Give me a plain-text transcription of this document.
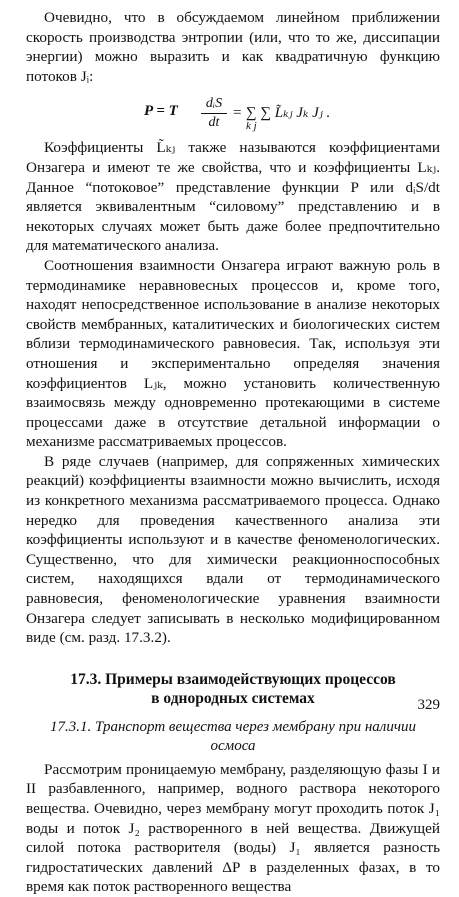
Очевидно, что в обсуждаемом линейном приближении скорость производства энтропии (или, что то же, диссипации энергии) можно выразить и как квадратичную функцию потоков Jᵢ:

P = T	dᵢS
dt
= ∑ ∑ L̃ₖⱼ Jₖ Jⱼ .
k j

Коэффициенты L̃ₖⱼ также называются коэффициентами Онзагера и имеют те же свойства, что и коэффициенты Lₖⱼ. Данное “потоковое” представление функции P или dᵢS/dt является эквивалентным “силовому” представлению и в некоторых случаях может быть даже более предпочтительно для математического анализа.

Соотношения взаимности Онзагера играют важную роль в термодинамике неравновесных процессов и, кроме того, находят непосредственное использование в анализе некоторых свойств мембранных, каталитических и биологических систем вблизи термодинамического равновесия. Так, используя эти отношения и экспериментально определяя значения коэффициентов Lⱼₖ, можно установить количественную взаимосвязь между одновременно протекающими в системе процессами даже в отсутствие детальной информации о механизме рассматриваемых процессов.

В ряде случаев (например, для сопряженных химических реакций) коэффициенты взаимности можно вычислить, исходя из конкретного механизма рассматриваемого процесса. Однако нередко для проведения качественного анализа эти коэффициенты используют и в качестве феноменологических. Существенно, что для химически реакционноспособных систем, находящихся вдали от термодинамического равновесия, феноменологические уравнения взаимности Онзагера следует записывать в несколько модифицированном виде (см. разд. 17.3.2).

17.3. Примеры взаимодействующих процессов
в однородных системах
17.3.1. Транспорт вещества через мембрану при наличии осмоса

Рассмотрим проницаемую мембрану, разделяющую фазы I и II разбавленного, например, водного раствора некоторого вещества. Очевидно, через мембрану могут проходить поток J₁ воды и поток J₂ растворенного в ней вещества. Движущей силой потока растворителя (воды) J₁ является разность гидростатических давлений ΔP в разделенных фазах, в то время как поток растворенного вещества

329
